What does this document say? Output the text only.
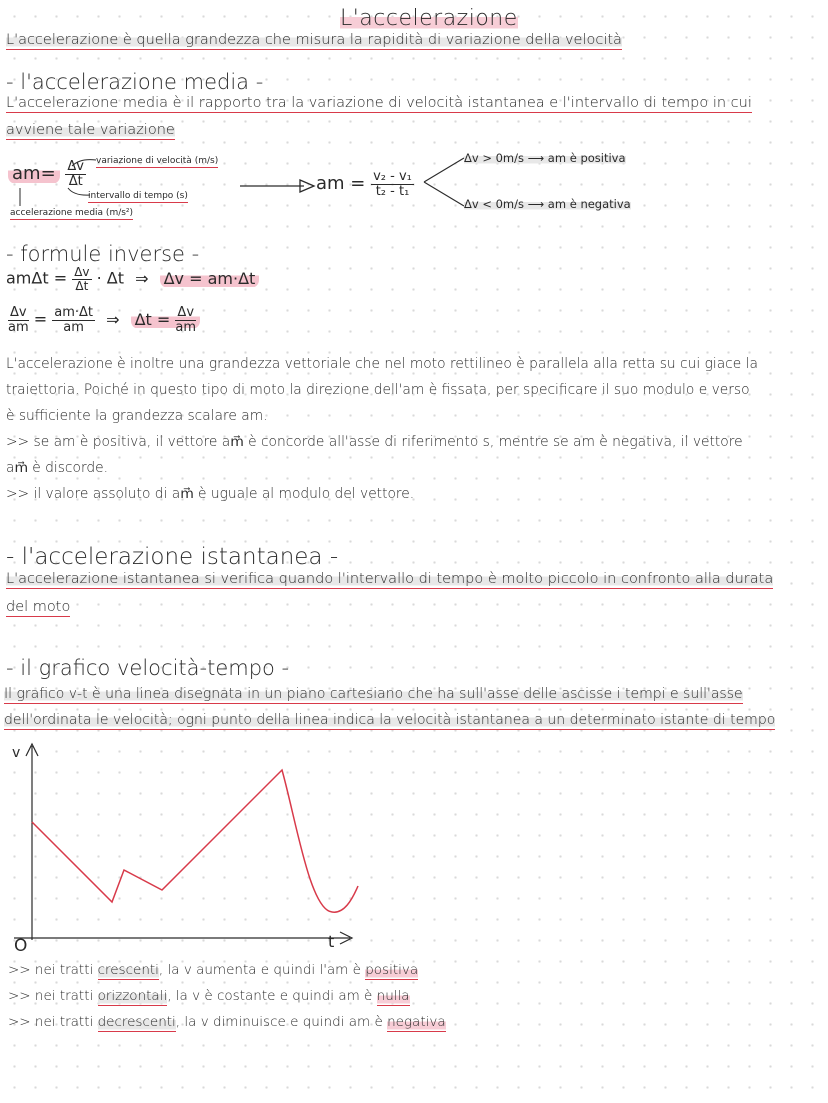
L'accelerazione
L'accelerazione è quella grandezza che misura la rapidità di variazione della velocità
- l'accelerazione media -
L'accelerazione media è il rapporto tra la variazione di velocità istantanea e l'intervallo di tempo in cui
avviene tale variazione
$am= \frac{\Delta v}{\Delta t}$ variazione di velocità (m/s)
intervallo di tempo (s)
accelerazione media (m/s²)
am = $\frac{\text{v₂ - v₁}}{\text{t₂ - t₁}}$
Δv > 0m/s ⟶ am è positiva
Δv < 0m/s ⟶ am è negativa
- formule inverse -
$am\Delta t = \frac{\Delta v}{\Delta t} \cdot \Delta t$ ⇒ Δv = am·Δt
$\frac{\Delta v}{am} = \frac{am\cdot\Delta t}{am}$ ⇒ $\Delta t = \frac{\Delta v}{am}$
L'accelerazione è inoltre una grandezza vettoriale che nel moto rettilineo è parallela alla retta su cui giace la
traiettoria. Poiché in questo tipo di moto la direzione dell'am è fissata, per specificare il suo modulo e verso
è sufficiente la grandezza scalare am.
>> se am è positiva, il vettore am⃗ è concorde all'asse di riferimento s, mentre se am è negativa, il vettore
am⃗ è discorde.
>> il valore assoluto di am⃗ è uguale al modulo del vettore.
- l'accelerazione istantanea -
L'accelerazione istantanea si verifica quando l'intervallo di tempo è molto piccolo in confronto alla durata
del moto
- il grafico velocità-tempo -
Il grafico v-t è una linea disegnata in un piano cartesiano che ha sull'asse delle ascisse i tempi e sull'asse
dell'ordinata le velocità; ogni punto della linea indica la velocità istantanea a un determinato istante di tempo
v
t
O
>> nei tratti crescenti, la v aumenta e quindi l'am è positiva
>> nei tratti orizzontali, la v è costante e quindi am è nulla
>> nei tratti decrescenti, la v diminuisce e quindi am è negativa
